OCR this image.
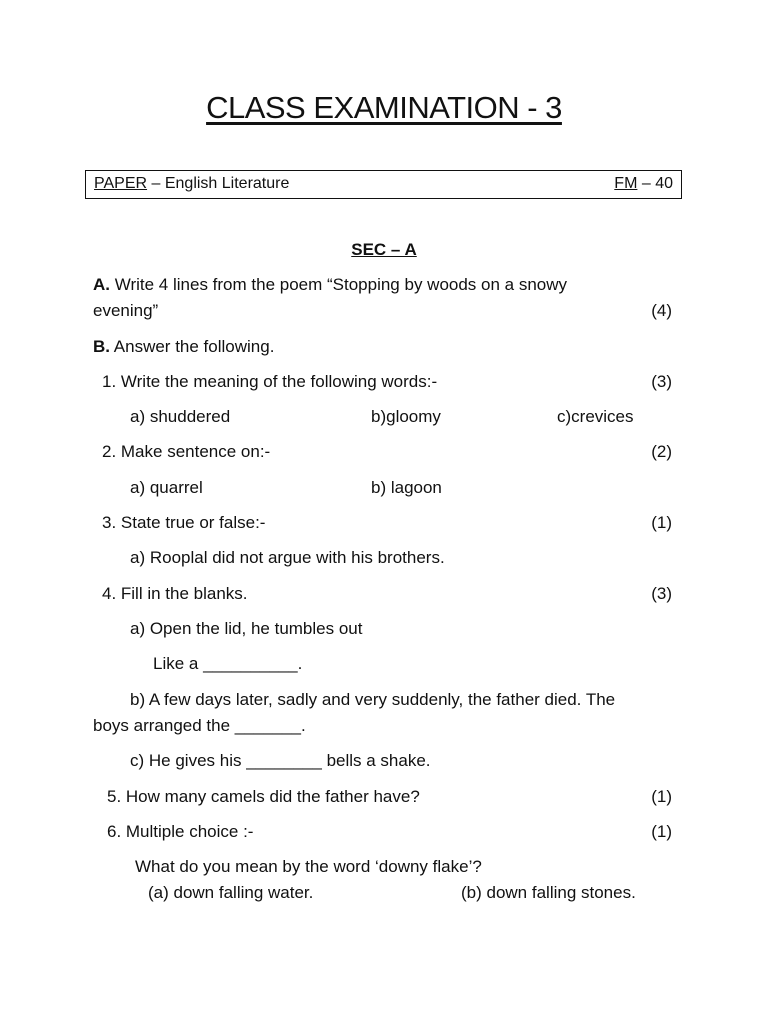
CLASS EXAMINATION - 3
PAPER – English Literature	FM – 40
SEC – A
A. Write 4 lines from the poem “Stopping by woods on a snowy
evening”	(4)
B. Answer the following.
1. Write the meaning of the following words:-	(3)
a) shuddered	b)gloomy	c)crevices
2. Make sentence on:-	(2)
a) quarrel	b) lagoon
3. State true or false:-	(1)
a) Rooplal did not argue with his brothers.
4. Fill in the blanks.	(3)
a) Open the lid, he tumbles out
Like a __________.
b) A few days later, sadly and very suddenly, the father died. The
boys arranged the _______.
c) He gives his ________ bells a shake.
5. How many camels did the father have?	(1)
6. Multiple choice :-	(1)
What do you mean by the word ‘downy flake’?
(a) down falling water.	(b) down falling stones.
